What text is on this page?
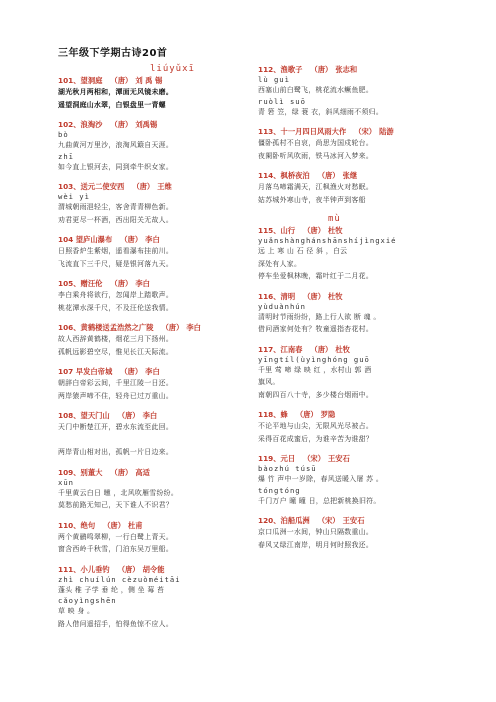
三年级下学期古诗20首
liúyǔxī
101、望洞庭 （唐） 刘 禹 锡
湖光秋月两相和，潭面无风镜未磨。
遥望洞庭山水翠，白银盘里一青螺
102、浪淘沙 （唐） 刘禹锡
bò
九曲黄河万里沙，浪淘风簸自天涯。
zhī
如今直上银河去，同到牵牛织女家。
103、送元二使安西 （唐） 王维
wèi yì
渭城朝雨浥轻尘，客舍青青柳色新。
劝君更尽一杯酒，西出阳关无故人。
104 望庐山瀑布 （唐） 李白
日照香炉生紫烟，遥看瀑布挂前川。
飞流直下三千尺，疑是银河落九天。
105、赠汪伦 （唐） 李白
李白乘舟将欲行，忽闻岸上踏歌声。
桃花潭水深千尺，不及汪伦送我情。
106、黄鹤楼送孟浩然之广陵 （唐） 李白
故人西辞黄鹤楼，烟花三月下扬州。
孤帆远影碧空尽，惟见长江天际流。
107 早发白帝城 （唐） 李白
朝辞白帝彩云间，千里江陵一日还。
两岸猿声啼不住，轻舟已过万重山。
108、望天门山 （唐） 李白
天门中断楚江开，碧水东流至此回。

两岸青山相对出，孤帆一片日边来。
109、别董大 （唐） 高适
xūn
千里黄云白日 曛 ，北风吹雁雪纷纷。
莫愁前路无知己，天下谁人不识君？
110、绝句 （唐） 杜甫
两个黄鹂鸣翠柳，一行白鹭上青天。
窗含西岭千秋雪，门泊东吴万里船。
111、小儿垂钓 （唐） 胡令能
zhì chuílún cèzuòméitāi
蓬头 稚 子学 垂 纶 ，侧 坐 莓 苔
cǎoyìngshēn
草 映 身 。
路人借问遥招手，怕得鱼惊不应人。
112、渔歌子 （唐） 张志和
lù guì
西塞山前白鹭飞，桃花流水鳜鱼肥。
ruòlì suō
青 箬 笠，绿 蓑 衣，斜风细雨不须归。
113、十一月四日风雨大作 （宋） 陆游
僵卧孤村不自哀，尚思为国戍轮台。
夜阑卧听风吹雨，铁马冰河入梦来。
114、枫桥夜泊 （唐） 张继
月落乌啼霜满天，江枫渔火对愁眠。
姑苏城外寒山寺，夜半钟声到客船
mù
115、山行 （唐） 杜牧
yuǎnshànghánshānshíjìngxié
远 上 寒 山 石 径 斜 ，白云
深处有人家。
停车坐爱枫林晚，霜叶红于二月花。
116、清明 （唐） 杜牧
yùduànhún
清明时节雨纷纷，路上行人欲 断 魂 。
借问酒家何处有？牧童遥指杏花村。
117、江南春 （唐） 杜牧
yīngtíl(ùyìnghóng guō
千里 莺 啼 绿 映 红 ，水村山 郭 酒
旗风。
南朝四百八十寺，多少楼台烟雨中。
118、蜂 （唐） 罗隐
不论平地与山尖，无限风光尽被占。
采得百花成蜜后，为谁辛苦为谁甜？
119、元日 （宋） 王安石
bàozhú túsū
爆 竹 声中一岁除，春风送暖入屠 苏 。
tóngtóng
千门万户 曈 曈 日，总把新桃换旧符。
120、泊船瓜洲 （宋） 王安石
京口瓜洲一水间，钟山只隔数重山。
春风又绿江南岸，明月何时照我还。
